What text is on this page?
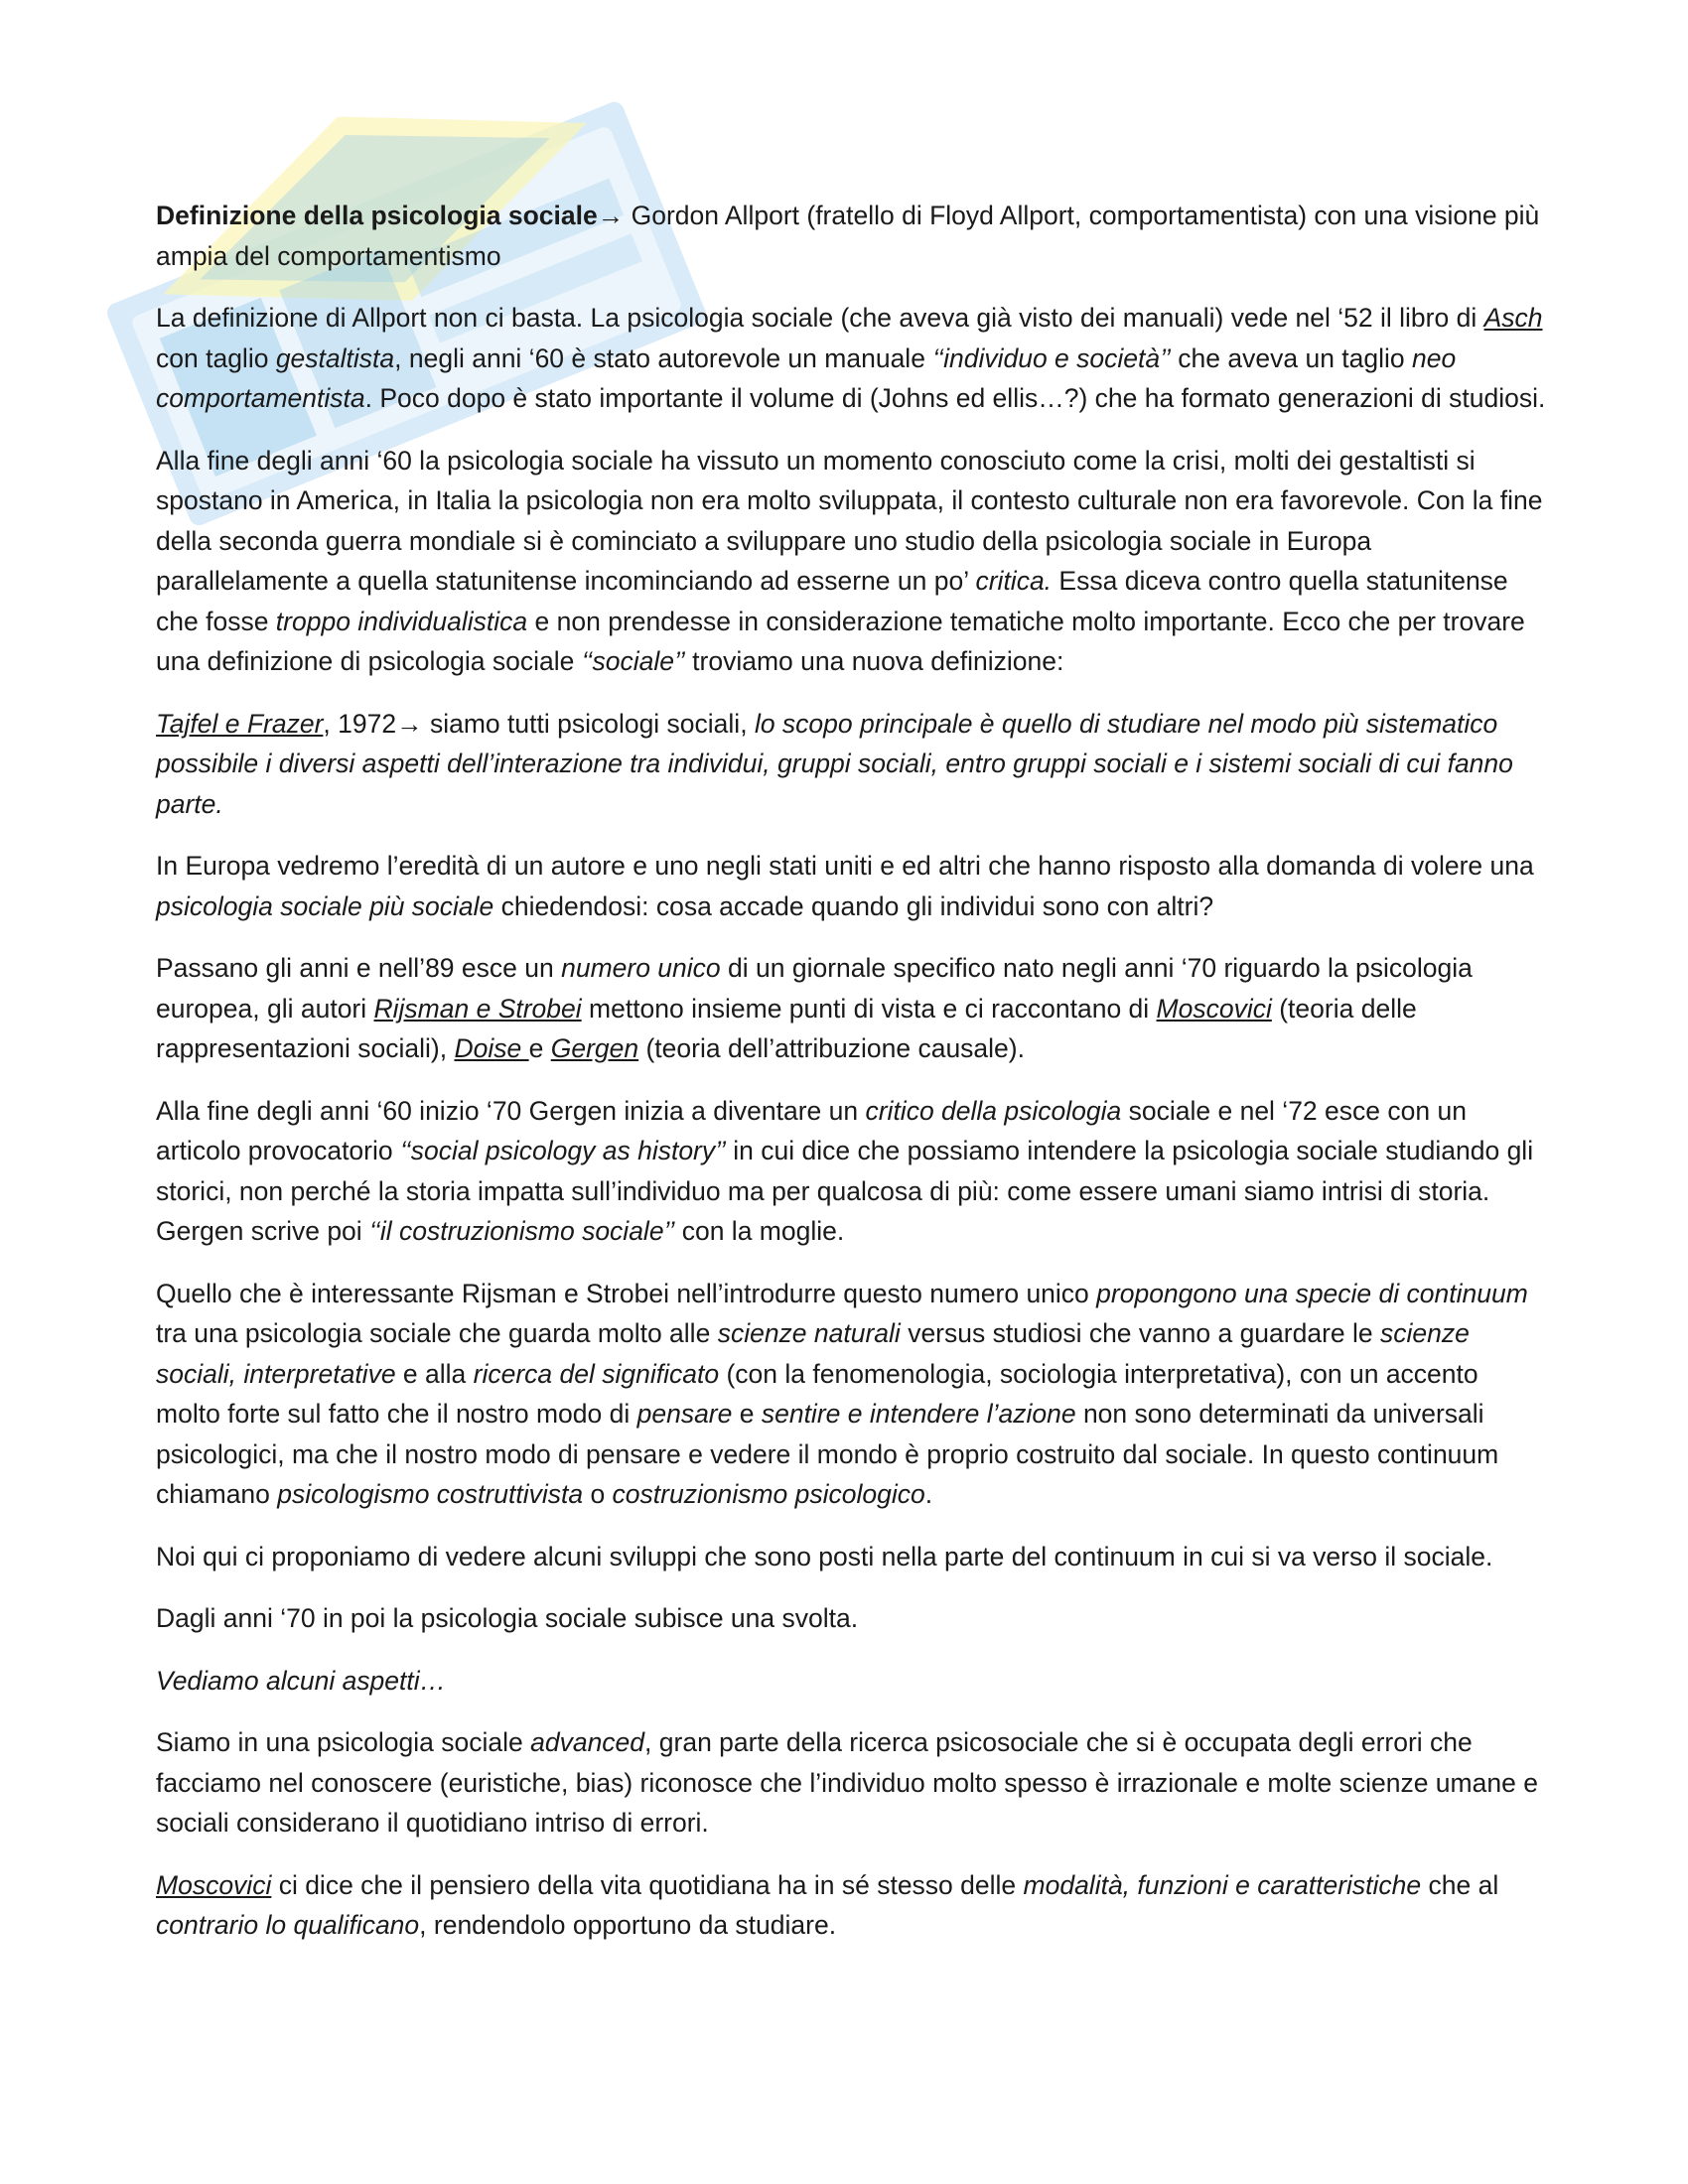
Definizione della psicologia sociale→ Gordon Allport (fratello di Floyd Allport, comportamentista) con una visione più ampia del comportamentismo

La definizione di Allport non ci basta. La psicologia sociale (che aveva già visto dei manuali) vede nel ‘52 il libro di Asch con taglio gestaltista, negli anni ‘60 è stato autorevole un manuale ‘‘individuo e società’’ che aveva un taglio neo comportamentista. Poco dopo è stato importante il volume di (Johns ed ellis…?) che ha formato generazioni di studiosi.

Alla fine degli anni ‘60 la psicologia sociale ha vissuto un momento conosciuto come la crisi, molti dei gestaltisti si spostano in America, in Italia la psicologia non era molto sviluppata, il contesto culturale non era favorevole. Con la fine della seconda guerra mondiale si è cominciato a sviluppare uno studio della psicologia sociale in Europa parallelamente a quella statunitense incominciando ad esserne un po’ critica. Essa diceva contro quella statunitense che fosse troppo individualistica e non prendesse in considerazione tematiche molto importante. Ecco che per trovare una definizione di psicologia sociale ‘‘sociale’’ troviamo una nuova definizione:

Tajfel e Frazer, 1972→ siamo tutti psicologi sociali, lo scopo principale è quello di studiare nel modo più sistematico possibile i diversi aspetti dell’interazione tra individui, gruppi sociali, entro gruppi sociali e i sistemi sociali di cui fanno parte.

In Europa vedremo l’eredità di un autore e uno negli stati uniti e ed altri che hanno risposto alla domanda di volere una psicologia sociale più sociale chiedendosi: cosa accade quando gli individui sono con altri?

Passano gli anni e nell’89 esce un numero unico di un giornale specifico nato negli anni ‘70 riguardo la psicologia europea, gli autori Rijsman e Strobei mettono insieme punti di vista e ci raccontano di Moscovici (teoria delle rappresentazioni sociali), Doise e Gergen (teoria dell’attribuzione causale).

Alla fine degli anni ‘60 inizio ‘70 Gergen inizia a diventare un critico della psicologia sociale e nel ‘72 esce con un articolo provocatorio ‘‘social psicology as history’’ in cui dice che possiamo intendere la psicologia sociale studiando gli storici, non perché la storia impatta sull’individuo ma per qualcosa di più: come essere umani siamo intrisi di storia. Gergen scrive poi ‘‘il costruzionismo sociale’’ con la moglie.

Quello che è interessante Rijsman e Strobei nell’introdurre questo numero unico propongono una specie di continuum tra una psicologia sociale che guarda molto alle scienze naturali versus studiosi che vanno a guardare le scienze sociali, interpretative e alla ricerca del significato (con la fenomenologia, sociologia interpretativa), con un accento molto forte sul fatto che il nostro modo di pensare e sentire e intendere l’azione non sono determinati da universali psicologici, ma che il nostro modo di pensare e vedere il mondo è proprio costruito dal sociale. In questo continuum chiamano psicologismo costruttivista o costruzionismo psicologico.

Noi qui ci proponiamo di vedere alcuni sviluppi che sono posti nella parte del continuum in cui si va verso il sociale.

Dagli anni ‘70 in poi la psicologia sociale subisce una svolta.

Vediamo alcuni aspetti…

Siamo in una psicologia sociale advanced, gran parte della ricerca psicosociale che si è occupata degli errori che facciamo nel conoscere (euristiche, bias) riconosce che l’individuo molto spesso è irrazionale e molte scienze umane e sociali considerano il quotidiano intriso di errori.

Moscovici ci dice che il pensiero della vita quotidiana ha in sé stesso delle modalità, funzioni e caratteristiche che al contrario lo qualificano, rendendolo opportuno da studiare.
